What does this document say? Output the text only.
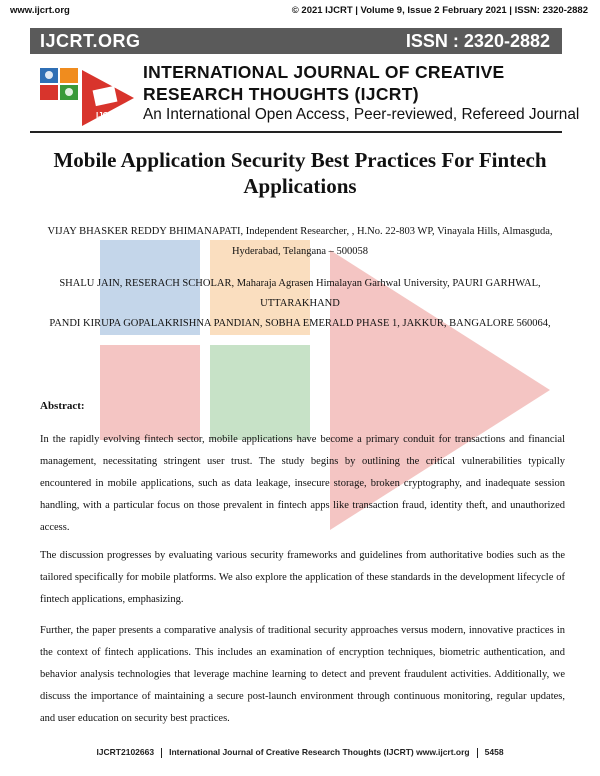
www.ijcrt.org	© 2021 IJCRT | Volume 9, Issue 2 February 2021 | ISSN: 2320-2882
IJCRT.ORG	ISSN : 2320-2882
IJCRT
INTERNATIONAL JOURNAL OF CREATIVE
RESEARCH THOUGHTS (IJCRT)
An International Open Access, Peer-reviewed, Refereed Journal
Mobile Application Security Best Practices For Fintech Applications
VIJAY BHASKER REDDY BHIMANAPATI, Independent Researcher, , H.No. 22-803 WP, Vinayala Hills, Almasguda, Hyderabad, Telangana – 500058
SHALU JAIN, RESERACH SCHOLAR, Maharaja Agrasen Himalayan Garhwal University, PAURI GARHWAL, UTTARAKHAND
PANDI KIRUPA GOPALAKRISHNA PANDIAN, SOBHA EMERALD PHASE 1, JAKKUR, BANGALORE 560064,
Abstract:
In the rapidly evolving fintech sector, mobile applications have become a primary conduit for transactions and financial management, necessitating stringent user trust. The study begins by outlining the critical vulnerabilities typically encountered in mobile applications, such as data leakage, insecure storage, broken cryptography, and inadequate session handling, with a particular focus on those prevalent in fintech apps like transaction fraud, identity theft, and unauthorized access.
The discussion progresses by evaluating various security frameworks and guidelines from authoritative bodies such as the tailored specifically for mobile platforms. We also explore the application of these standards in the development lifecycle of fintech applications, emphasizing.
Further, the paper presents a comparative analysis of traditional security approaches versus modern, innovative practices in the context of fintech applications. This includes an examination of encryption techniques, biometric authentication, and behavior analysis technologies that leverage machine learning to detect and prevent fraudulent activities. Additionally, we discuss the importance of maintaining a secure post-launch environment through continuous monitoring, regular updates, and user education on security best practices.
IJCRT2102663 International Journal of Creative Research Thoughts (IJCRT) www.ijcrt.org 5458
